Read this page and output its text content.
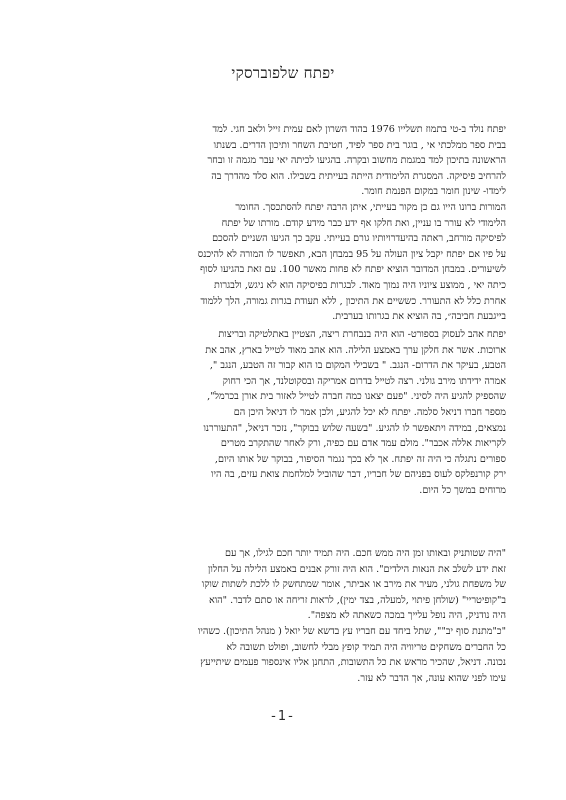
יפתח שלפוברסקי
יפתח נולד ב-טי בתמוז תשלייו 1976 בהוד השרון לאם עמית זייל ולאב חגי. למד
בבית ספר ממלכתי אי , בוגר בית ספר לפיד, חטיבת השחר ותיכון הדרים. בשנתו
הראשונה בתיכון למד במגמת מחשוב ובקרה. בהגיעו לכיתה יאי עבר מגמה זו ובחר
להרחיב פיסיקה. המסגרת הלימודית הייתה בעייתית בשבילו. הוא סלד מהדרך בה
לימדו- שינון חומר במקום הפנמת חומר.
המורות ברונו הייו גם כן מקור בעייתי, איתן הרבה יפתח להסתכסך. החומר
הלימודי לא עורר בו עניין, ואת חלקו אף ידע כבר מידע קודם. מורתו של יפתח
לפיסיקה מורחב, ראתה בהיעדרויותיו גורם בעייתי. עקב כך הגיעו השניים להסכם
על פיו אם יפתח יקבל ציון העולה על 95 במבחן הבא, תאפשר לו המורה לא להיכנס
לשיעורים. במבחן המדובר הוציא יפתח לא פחות מאשר 100. עם זאת בהגיעו לסוף
כיתה יאי , ממוצע ציוניו היה נמוך מאוד. לבגרות בפיסיקה הוא לא ניגש, ולבגרות
אחרת כלל לא התעורר. כששיים את התיכון , ללא תעודת בגרות גמורה, הלך ללמוד
בייגבעת חביבה״, בה הוציא את בגרותו בערבית.
יפתח אהב לעסוק בספורט- הוא היה בנבחרת ריצה, הצטיין באתלטיקה ובריצות
ארוכות. אשר את חלקן ערך באמצע הלילה. הוא אהב מאוד לטייל בארץ, אהב את
הטבע, בעיקר את הדרום- הנגב. " בשבילי המקום בו הוא קבור זה הטבע, הנגב ",
אמרה ידידתו מירב גולני. רצה לטייל בדרום אמריקה ובסקוטלנד, אך הכי רחוק
שהספיק להגיע היה לסיני. "פעם יצאנו כמה חברה לטייל לאזור בית אורן בכרמל",
מספר חברו דניאל סלמה. יפתח לא יכל להגיע, ולכן אמר לו דניאל היכן הם
נמצאים, במידה ויתאפשר לו להגיע. "בשעה שלוש בבוקר", נזכר דניאל, "התעוררנו
לקריאות אללה אכבר". מולם עמד אדם עם כפיה, ורק לאחר שהתקרב מטרים
ספורים נתגלה כי היה זה יפתח. אך לא בכך נגמר הסיפור, בבוקר של אותו היום,
ירק קורנפלקס לעוס בפניהם של חבריו, דבר שהוביל למלחמת צואת עזים, בה היו
מרוחים במשך כל היום.
"היה שטותניק ובאותו זמן היה ממש חכם. היה תמיד יותר חכם לגילו, אך עם
זאת ידע לשלב את הנאות הילדים". הוא היה זורק אבנים באמצע הלילה על החלון
של משפחת גולני, מעיר את מירב או אביתר, אומר שמתחשק לו ללכת לשתות שוקו
ב"קופיטריי" (שולחן פיתוי ,למעלה, בצד ימין), לראות זריחה או סתם לדבר. "הוא
היה נודניק, היה נופל עלייך במכה כשאתה לא מצפה".
"כ"מתנת סוף יב"", שתל ביחד עם חבריו עץ בדשא של יואל ( מנהל התיכון). כשהיו
כל החברים משחקים טריוויה היה תמיד קופץ מבלי לחשוב, ופולט תשובה לא
נכונה. דניאל, שהכיר מראש את כל התשובות, התחנן אליו אינספור פעמים שיתייעץ
עימו לפני שהוא עונה, אך הדבר לא עזר.
-1-
